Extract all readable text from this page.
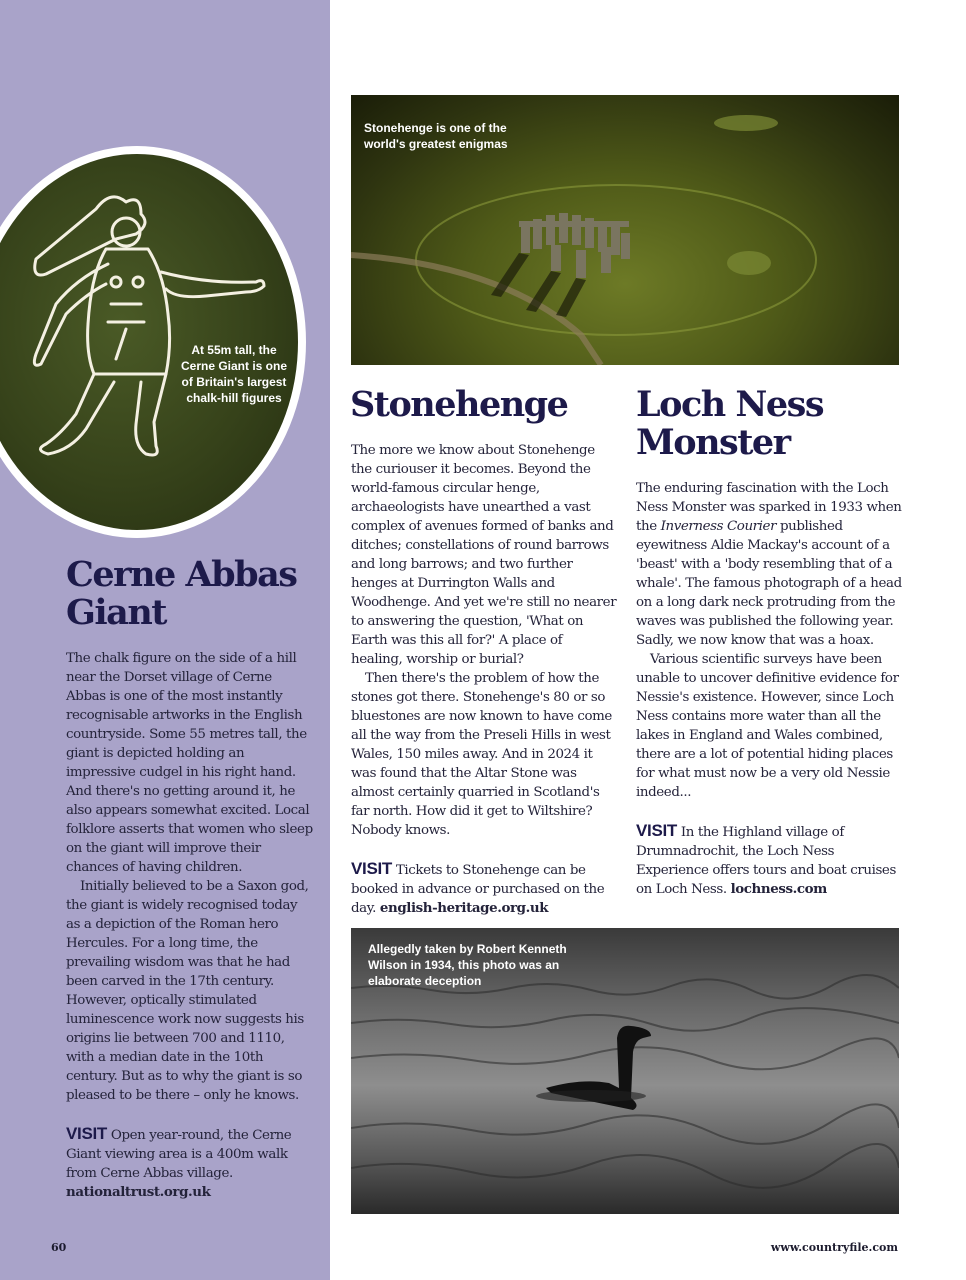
At 55m tall, the Cerne Giant is one of Britain's largest chalk-hill figures
Cerne Abbas Giant

The chalk figure on the side of a hill near the Dorset village of Cerne Abbas is one of the most instantly recognisable artworks in the English countryside. Some 55 metres tall, the giant is depicted holding an impressive cudgel in his right hand. And there's no getting around it, he also appears somewhat excited. Local folklore asserts that women who sleep on the giant will improve their chances of having children.

Initially believed to be a Saxon god, the giant is widely recognised today as a depiction of the Roman hero Hercules. For a long time, the prevailing wisdom was that he had been carved in the 17th century. However, optically stimulated luminescence work now suggests his origins lie between 700 and 1110, with a median date in the 10th century. But as to why the giant is so pleased to be there – only he knows.

VISIT Open year-round, the Cerne Giant viewing area is a 400m walk from Cerne Abbas village. nationaltrust.org.uk

Stonehenge is one of the world's greatest enigmas
Stonehenge

The more we know about Stonehenge the curiouser it becomes. Beyond the world-famous circular henge, archaeologists have unearthed a vast complex of avenues formed of banks and ditches; constellations of round barrows and long barrows; and two further henges at Durrington Walls and Woodhenge. And yet we're still no nearer to answering the question, 'What on Earth was this all for?' A place of healing, worship or burial?

Then there's the problem of how the stones got there. Stonehenge's 80 or so bluestones are now known to have come all the way from the Preseli Hills in west Wales, 150 miles away. And in 2024 it was found that the Altar Stone was almost certainly quarried in Scotland's far north. How did it get to Wiltshire? Nobody knows.

VISIT Tickets to Stonehenge can be booked in advance or purchased on the day. english-heritage.org.uk

Loch Ness Monster

The enduring fascination with the Loch Ness Monster was sparked in 1933 when the Inverness Courier published eyewitness Aldie Mackay's account of a 'beast' with a 'body resembling that of a whale'. The famous photograph of a head on a long dark neck protruding from the waves was published the following year. Sadly, we now know that was a hoax.

Various scientific surveys have been unable to uncover definitive evidence for Nessie's existence. However, since Loch Ness contains more water than all the lakes in England and Wales combined, there are a lot of potential hiding places for what must now be a very old Nessie indeed...

VISIT In the Highland village of Drumnadrochit, the Loch Ness Experience offers tours and boat cruises on Loch Ness. lochness.com

Allegedly taken by Robert Kenneth Wilson in 1934, this photo was an elaborate deception
60	www.countryfile.com
